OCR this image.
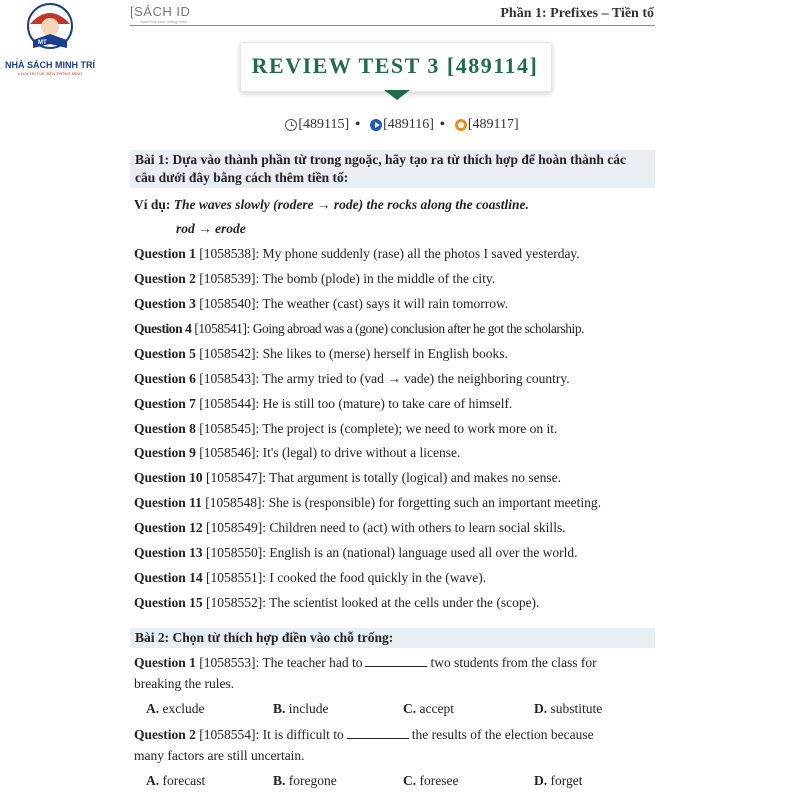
MT
NHÀ SÁCH MINH TRÍ
KHƠI TRÍ TUỆ, BỀN THÔNG MINH
[SÁCH ID
Sách học sinh, thông minh
Phần 1: Prefixes – Tiền tố
REVIEW TEST 3 [489114]
[489115] • [489116] • [489117]
Bài 1: Dựa vào thành phần từ trong ngoặc, hãy tạo ra từ thích hợp để hoàn thành các
câu dưới đây bằng cách thêm tiền tố:
Ví dụ: The waves slowly (rodere → rode) the rocks along the coastline.
rod → erode
Question 1 [1058538]: My phone suddenly (rase) all the photos I saved yesterday.
Question 2 [1058539]: The bomb (plode) in the middle of the city.
Question 3 [1058540]: The weather (cast) says it will rain tomorrow.
Question 4 [1058541]: Going abroad was a (gone) conclusion after he got the scholarship.
Question 5 [1058542]: She likes to (merse) herself in English books.
Question 6 [1058543]: The army tried to (vad → vade) the neighboring country.
Question 7 [1058544]: He is still too (mature) to take care of himself.
Question 8 [1058545]: The project is (complete); we need to work more on it.
Question 9 [1058546]: It's (legal) to drive without a license.
Question 10 [1058547]: That argument is totally (logical) and makes no sense.
Question 11 [1058548]: She is (responsible) for forgetting such an important meeting.
Question 12 [1058549]: Children need to (act) with others to learn social skills.
Question 13 [1058550]: English is an (national) language used all over the world.
Question 14 [1058551]: I cooked the food quickly in the (wave).
Question 15 [1058552]: The scientist looked at the cells under the (scope).
Bài 2: Chọn từ thích hợp điền vào chỗ trống:
Question 1 [1058553]: The teacher had to	two students from the class for
breaking the rules.
A. exclude	B. include	C. accept	D. substitute
Question 2 [1058554]: It is difficult to	the results of the election because
many factors are still uncertain.
A. forecast	B. foregone	C. foresee	D. forget
